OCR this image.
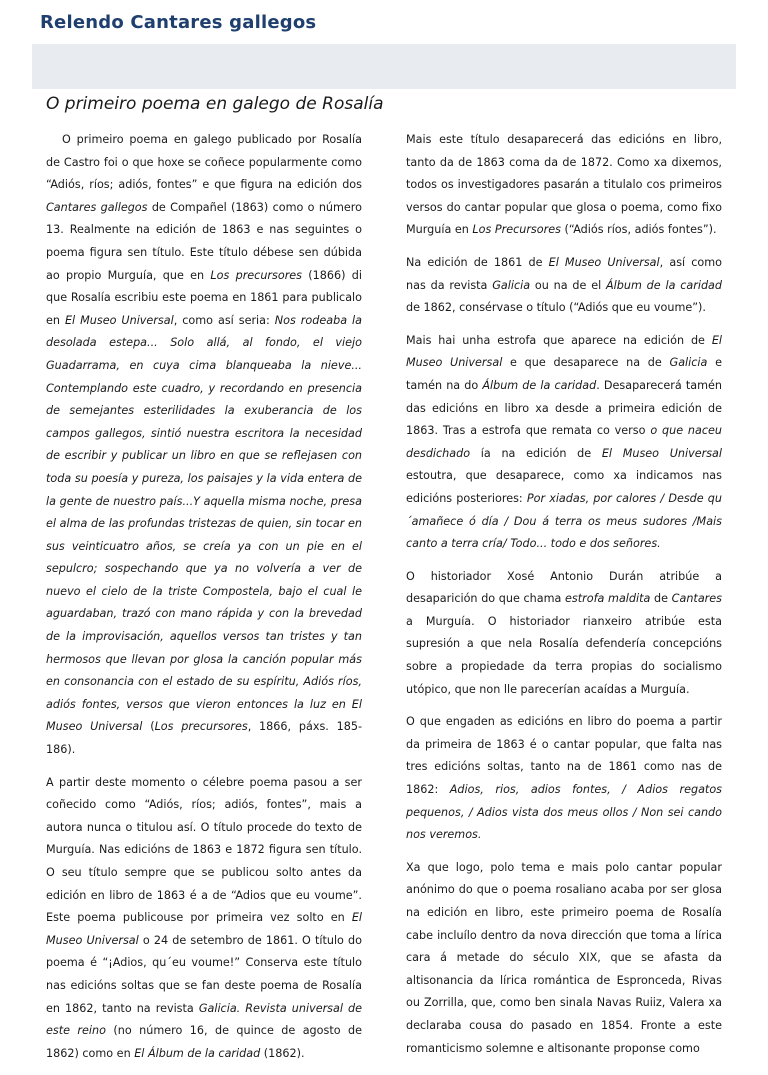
Relendo Cantares gallegos
O primeiro poema en galego de Rosalía

O primeiro poema en galego publicado por Rosalía de Castro foi o que hoxe se coñece popularmente como “Adiós, ríos; adiós, fontes” e que figura na edición dos Cantares gallegos de Compañel (1863) como o número 13. Realmente na edición de 1863 e nas seguintes o poema figura sen título. Este título débese sen dúbida ao propio Murguía, que en Los precursores (1866) di que Rosalía escribiu este poema en 1861 para publicalo en El Museo Universal, como así seria: Nos rodeaba la desolada estepa... Solo allá, al fondo, el viejo Guadarrama, en cuya cima blanqueaba la nieve... Contemplando este cuadro, y recordando en presencia de semejantes esterilidades la exuberancia de los campos gallegos, sintió nuestra escritora la necesidad de escribir y publicar un libro en que se reflejasen con toda su poesía y pureza, los paisajes y la vida entera de la gente de nuestro país...Y aquella misma noche, presa el alma de las profundas tristezas de quien, sin tocar en sus veinticuatro años, se creía ya con un pie en el sepulcro; sospechando que ya no volvería a ver de nuevo el cielo de la triste Compostela, bajo el cual le aguardaban, trazó con mano rápida y con la brevedad de la improvisación, aquellos versos tan tristes y tan hermosos que llevan por glosa la canción popular más en consonancia con el estado de su espíritu, Adiós ríos, adiós fontes, versos que vieron entonces la luz en El Museo Universal (Los precursores, 1866, páxs. 185-186).

A partir deste momento o célebre poema pasou a ser coñecido como “Adiós, ríos; adiós, fontes”, mais a autora nunca o titulou así. O título procede do texto de Murguía. Nas edicións de 1863 e 1872 figura sen título. O seu título sempre que se publicou solto antes da edición en libro de 1863 é a de “Adios que eu voume”. Este poema publicouse por primeira vez solto en El Museo Universal o 24 de setembro de 1861. O título do poema é “¡Adios, qu´eu voume!” Conserva este título nas edicións soltas que se fan deste poema de Rosalía en 1862, tanto na revista Galicia. Revista universal de este reino (no número 16, de quince de agosto de 1862) como en El Álbum de la caridad (1862).

Mais este título desaparecerá das edicións en libro, tanto da de 1863 coma da de 1872. Como xa dixemos, todos os investigadores pasarán a titulalo cos primeiros versos do cantar popular que glosa o poema, como fixo Murguía en Los Precursores (“Adiós ríos, adiós fontes”).

Na edición de 1861 de El Museo Universal, así como nas da revista Galicia ou na de el Álbum de la caridad de 1862, consérvase o título (“Adiós que eu voume”).

Mais hai unha estrofa que aparece na edición de El Museo Universal e que desaparece na de Galicia e tamén na do Álbum de la caridad. Desaparecerá tamén das edicións en libro xa desde a primeira edición de 1863. Tras a estrofa que remata co verso o que naceu desdichado ía na edición de El Museo Universal estoutra, que desaparece, como xa indicamos nas edicións posteriores: Por xiadas, por calores / Desde qu´amañece ó día / Dou á terra os meus sudores /Mais canto a terra cría/ Todo... todo e dos señores.

O historiador Xosé Antonio Durán atribúe a desaparición do que chama estrofa maldita de Cantares a Murguía. O historiador rianxeiro atribúe esta supresión a que nela Rosalía defendería concepcións sobre a propiedade da terra propias do socialismo utópico, que non lle parecerían acaídas a Murguía.

O que engaden as edicións en libro do poema a partir da primeira de 1863 é o cantar popular, que falta nas tres edicións soltas, tanto na de 1861 como nas de 1862: Adios, rios, adios fontes, / Adios regatos pequenos, / Adios vista dos meus ollos / Non sei cando nos veremos.

Xa que logo, polo tema e mais polo cantar popular anónimo do que o poema rosaliano acaba por ser glosa na edición en libro, este primeiro poema de Rosalía cabe incluílo dentro da nova dirección que toma a lírica cara á metade do século XIX, que se afasta da altisonancia da lírica romántica de Espronceda, Rivas ou Zorrilla, que, como ben sinala Navas Ruiiz, Valera xa declaraba cousa do pasado en 1854. Fronte a este romanticismo solemne e altisonante proponse como
